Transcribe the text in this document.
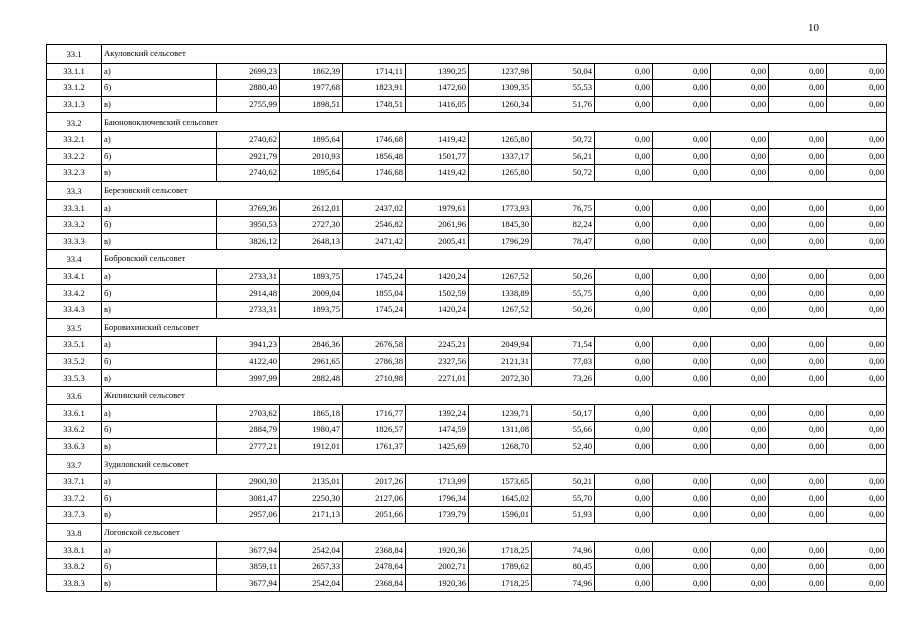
10
33.1	Акуловский сельсовет											
33.1.1	а)	2699,23	1862,39	1714,11	1390,25	1237,98	50,04	0,00	0,00	0,00	0,00	0,00
33.1.2	б)	2880,40	1977,68	1823,91	1472,60	1309,35	55,53	0,00	0,00	0,00	0,00	0,00
33.1.3	в)	2755,99	1898,51	1748,51	1416,05	1260,34	51,76	0,00	0,00	0,00	0,00	0,00
33.2	Баюновоключевский сельсовет											
33.2.1	а)	2740,62	1895,64	1746,68	1419,42	1265,80	50,72	0,00	0,00	0,00	0,00	0,00
33.2.2	б)	2921,79	2010,93	1856,48	1501,77	1337,17	56,21	0,00	0,00	0,00	0,00	0,00
33.2.3	в)	2740,62	1895,64	1746,68	1419,42	1265,80	50,72	0,00	0,00	0,00	0,00	0,00
33.3	Березовский сельсовет											
33.3.1	а)	3769,36	2612,01	2437,02	1979,61	1773,93	76,75	0,00	0,00	0,00	0,00	0,00
33.3.2	б)	3950,53	2727,30	2546,82	2061,96	1845,30	82,24	0,00	0,00	0,00	0,00	0,00
33.3.3	в)	3826,12	2648,13	2471,42	2005,41	1796,29	78,47	0,00	0,00	0,00	0,00	0,00
33.4	Бобровский сельсовет											
33.4.1	а)	2733,31	1893,75	1745,24	1420,24	1267,52	50,26	0,00	0,00	0,00	0,00	0,00
33.4.2	б)	2914,48	2009,04	1855,04	1502,59	1338,89	55,75	0,00	0,00	0,00	0,00	0,00
33.4.3	в)	2733,31	1893,75	1745,24	1420,24	1267,52	50,26	0,00	0,00	0,00	0,00	0,00
33.5	Боровихинский сельсовет											
33.5.1	а)	3941,23	2846,36	2676,58	2245,21	2049,94	71,54	0,00	0,00	0,00	0,00	0,00
33.5.2	б)	4122,40	2961,65	2786,38	2327,56	2121,31	77,03	0,00	0,00	0,00	0,00	0,00
33.5.3	в)	3997,99	2882,48	2710,98	2271,01	2072,30	73,26	0,00	0,00	0,00	0,00	0,00
33.6	Жилинский сельсовет											
33.6.1	а)	2703,62	1865,18	1716,77	1392,24	1239,71	50,17	0,00	0,00	0,00	0,00	0,00
33.6.2	б)	2884,79	1980,47	1826,57	1474,59	1311,08	55,66	0,00	0,00	0,00	0,00	0,00
33.6.3	в)	2777,21	1912,01	1761,37	1425,69	1268,70	52,40	0,00	0,00	0,00	0,00	0,00
33.7	Зудиловский сельсовет											
33.7.1	а)	2900,30	2135,01	2017,26	1713,99	1573,65	50,21	0,00	0,00	0,00	0,00	0,00
33.7.2	б)	3081,47	2250,30	2127,06	1796,34	1645,02	55,70	0,00	0,00	0,00	0,00	0,00
33.7.3	в)	2957,06	2171,13	2051,66	1739,79	1596,01	51,93	0,00	0,00	0,00	0,00	0,00
33.8	Логовской сельсовет											
33.8.1	а)	3677,94	2542,04	2368,84	1920,36	1718,25	74,96	0,00	0,00	0,00	0,00	0,00
33.8.2	б)	3859,11	2657,33	2478,64	2002,71	1789,62	80,45	0,00	0,00	0,00	0,00	0,00
33.8.3	в)	3677,94	2542,04	2368,84	1920,36	1718,25	74,96	0,00	0,00	0,00	0,00	0,00
